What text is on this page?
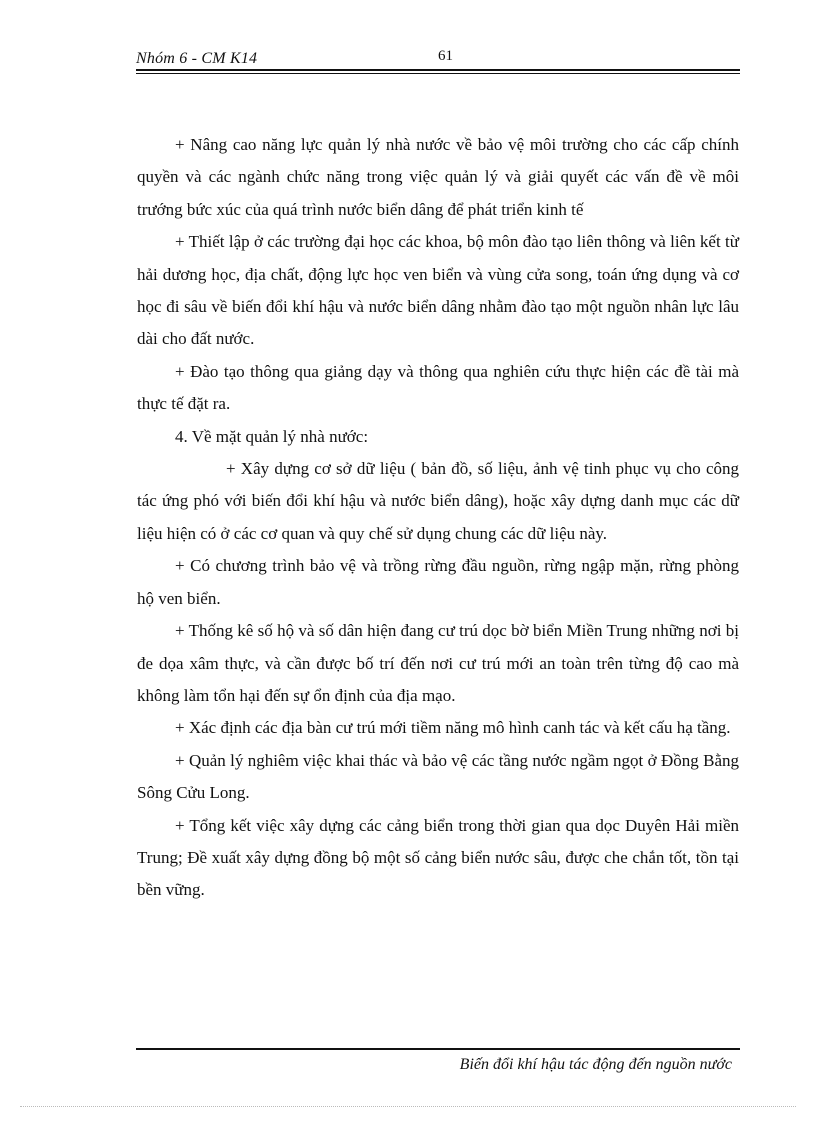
Nhóm 6 - CM K14	61

+ Nâng cao năng lực quản lý nhà nước về bảo vệ môi trường cho các cấp chính quyền và các ngành chức năng trong việc quản lý và giải quyết các vấn đề về môi trướng bức xúc của quá trình nước biển dâng để phát triển kinh tế

+ Thiết lập ở các trường đại học các khoa, bộ môn đào tạo liên thông và liên kết từ hải dương học, địa chất, động lực học ven biển và vùng cửa song, toán ứng dụng và cơ học đi sâu về biến đổi khí hậu và nước biển dâng nhằm đào tạo một nguồn nhân lực lâu dài cho đất nước.

+ Đào tạo thông qua giảng dạy và thông qua nghiên cứu thực hiện các đề tài mà thực tế đặt ra.

4. Về mặt quản lý nhà nước:

+ Xây dựng cơ sở dữ liệu ( bản đồ, số liệu, ảnh vệ tinh phục vụ cho công tác ứng phó với biến đổi khí hậu và nước biển dâng), hoặc xây dựng danh mục các dữ liệu hiện có ở các cơ quan và quy chế sử dụng chung các dữ liệu này.

+ Có chương trình bảo vệ và trồng rừng đầu nguồn, rừng ngập mặn, rừng phòng hộ ven biển.

+ Thống kê số hộ và số dân hiện đang cư trú dọc bờ biển Miền Trung những nơi bị đe dọa xâm thực, và cần được bố trí đến nơi cư trú mới an toàn trên từng độ cao mà không làm tổn hại đến sự ổn định của địa mạo.

+ Xác định các địa bàn cư trú mới tiềm năng mô hình canh tác và kết cấu hạ tầng.

+ Quản lý nghiêm việc khai thác và bảo vệ các tầng nước ngầm ngọt ở Đồng Bằng Sông Cửu Long.

+ Tổng kết việc xây dựng các cảng biển trong thời gian qua dọc Duyên Hải miền Trung; Đề xuất xây dựng đồng bộ một số cảng biển nước sâu, được che chắn tốt, tồn tại bền vững.

Biến đổi khí hậu tác động đến nguồn nước
